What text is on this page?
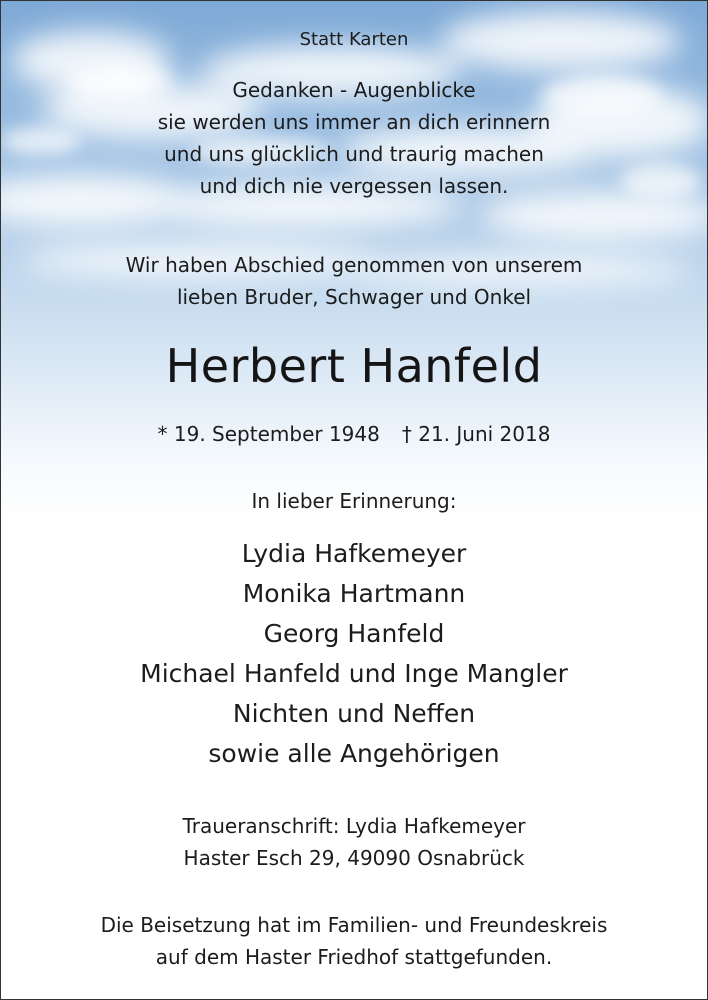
Statt Karten
Gedanken - Augenblicke
sie werden uns immer an dich erinnern
und uns glücklich und traurig machen
und dich nie vergessen lassen.
Wir haben Abschied genommen von unserem
lieben Bruder, Schwager und Onkel
Herbert Hanfeld
* 19. September 1948 † 21. Juni 2018
In lieber Erinnerung:
Lydia Hafkemeyer
Monika Hartmann
Georg Hanfeld
Michael Hanfeld und Inge Mangler
Nichten und Neffen
sowie alle Angehörigen
Traueranschrift: Lydia Hafkemeyer
Haster Esch 29, 49090 Osnabrück
Die Beisetzung hat im Familien- und Freundeskreis
auf dem Haster Friedhof stattgefunden.
